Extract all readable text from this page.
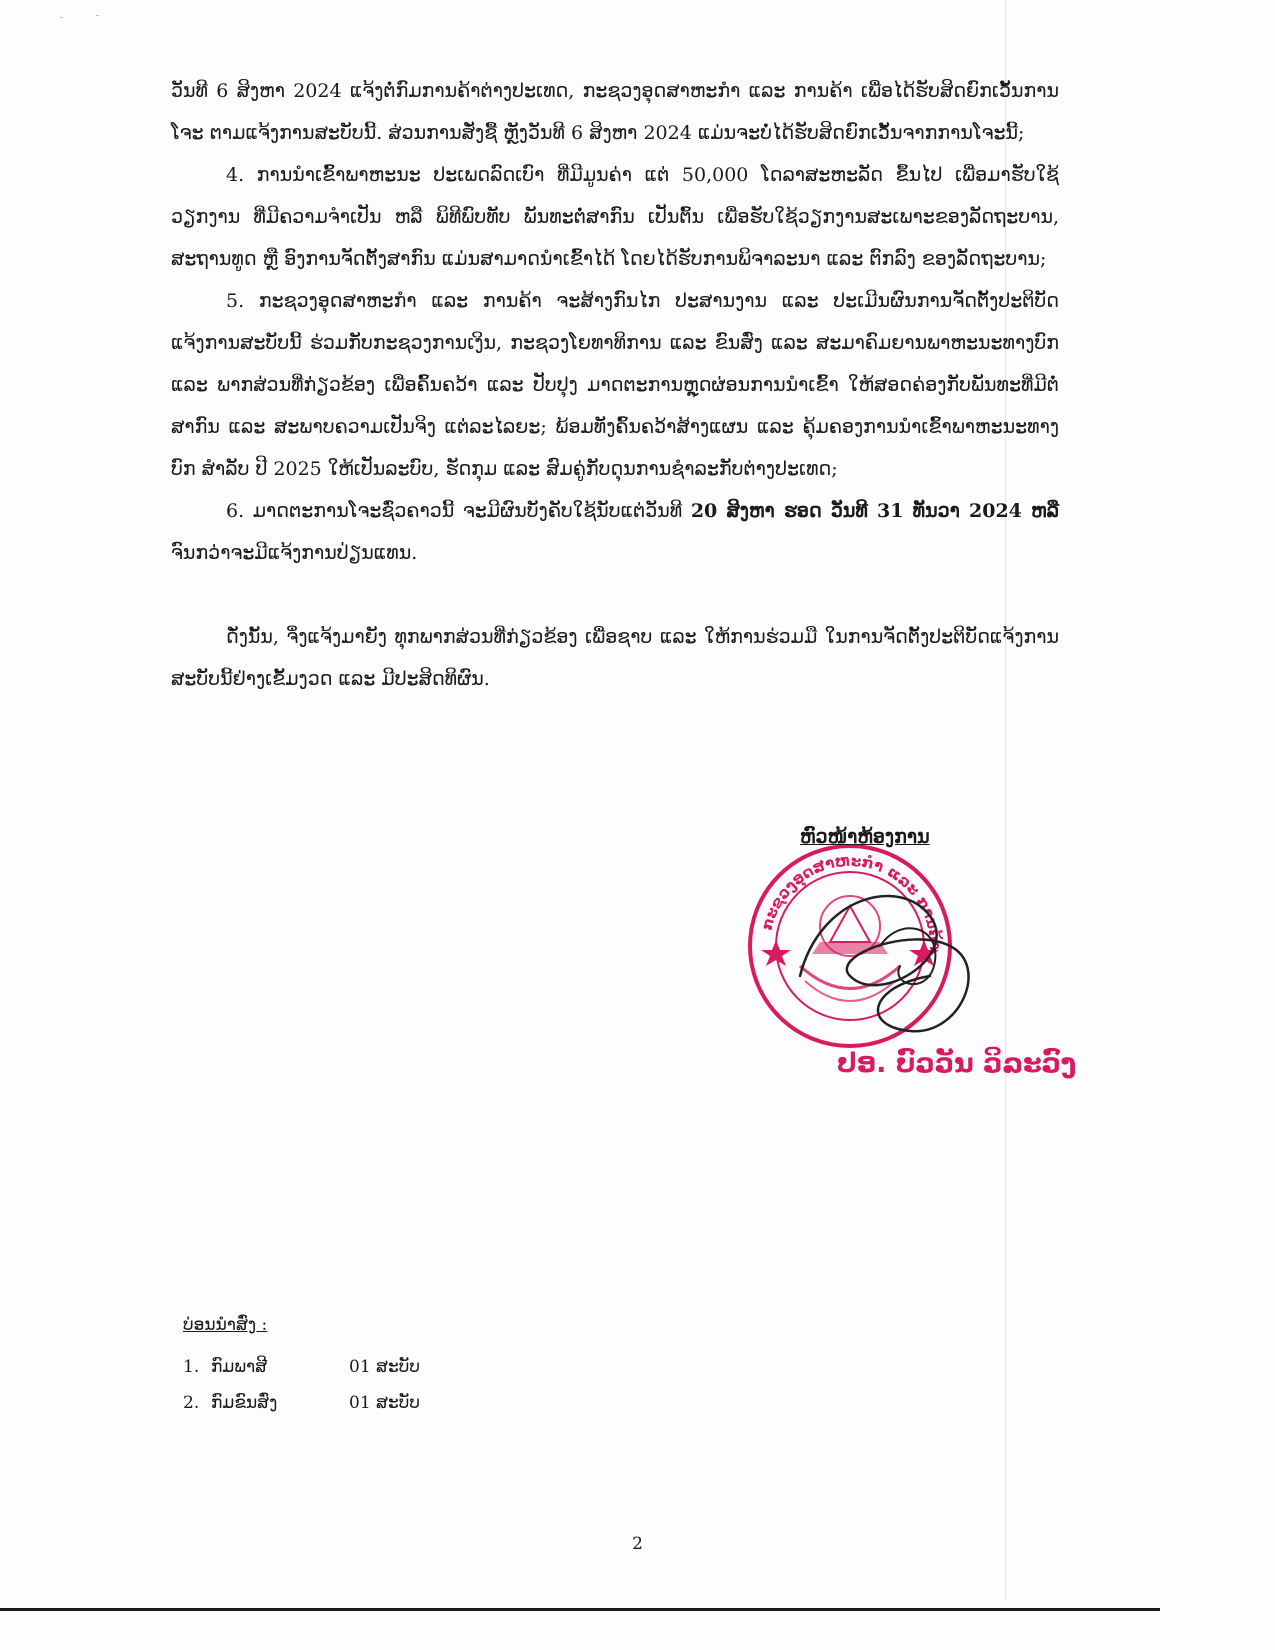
ວັນທີ 6 ສິງຫາ 2024 ແຈ້ງຕໍ່ກົມການຄ້າຕ່າງປະເທດ, ກະຊວງອຸດສາຫະກໍາ ແລະ ການຄ້າ ເພື່ອໄດ້ຮັບສິດຍົກເວັ້ນການໂຈະ ຕາມແຈ້ງການສະບັບນີ້. ສ່ວນການສັ່ງຊື້ ຫຼັງວັນທີ 6 ສິງຫາ 2024 ແມ່ນຈະບໍ່ໄດ້ຮັບສິດຍົກເວັ້ນຈາກການໂຈະນີ້;

4. ການນໍາເຂົ້າພາຫະນະ ປະເພດລົດເບົາ ທີ່ມີມູນຄ່າ ແຕ່ 50,000 ໂດລາສະຫະລັດ ຂຶ້ນໄປ ເພື່ອມາຮັບໃຊ້ວຽກງານ ທີ່ມີຄວາມຈໍາເປັນ ຫລື ພິທີພົບທັບ ພັນທະຕໍ່ສາກົນ ເປັນຕົ້ນ ເພື່ອຮັບໃຊ້ວຽກງານສະເພາະຂອງລັດຖະບານ, ສະຖານທູດ ຫຼື ອົງການຈັດຕັ້ງສາກົນ ແມ່ນສາມາດນໍາເຂົ້າໄດ້ ໂດຍໄດ້ຮັບການພິຈາລະນາ ແລະ ຕົກລົງ ຂອງລັດຖະບານ;

5. ກະຊວງອຸດສາຫະກໍາ ແລະ ການຄ້າ ຈະສ້າງກົນໄກ ປະສານງານ ແລະ ປະເມີນຜົນການຈັດຕັ້ງປະຕິບັດແຈ້ງການສະບັບນີ້ ຮ່ວມກັບກະຊວງການເງິນ, ກະຊວງໂຍທາທິການ ແລະ ຂົນສົ່ງ ແລະ ສະມາຄົມຍານພາຫະນະທາງບົກ ແລະ ພາກສ່ວນທີ່ກ່ຽວຂ້ອງ ເພື່ອຄົ້ນຄວ້າ ແລະ ປັບປຸງ ມາດຕະການຫຼຸດຜ່ອນການນໍາເຂົ້າ ໃຫ້ສອດຄ່ອງກັບພັນທະທີ່ມີຕໍ່ສາກົນ ແລະ ສະພາບຄວາມເປັນຈິງ ແຕ່ລະໄລຍະ; ພ້ອມທັງຄົ້ນຄວ້າສ້າງແຜນ ແລະ ຄຸ້ມຄອງການນໍາເຂົ້າພາຫະນະທາງບົກ ສໍາລັບ ປີ 2025 ໃຫ້ເປັນລະບົບ, ຮັດກຸມ ແລະ ສົມຄູ່ກັບດຸນການຊໍາລະກັບຕ່າງປະເທດ;

6. ມາດຕະການໂຈະຊົ່ວຄາວນີ້ ຈະມີຜົນບັງຄັບໃຊ້ນັບແຕ່ວັນທີ 20 ສິງຫາ ຮອດ ວັນທີ 31 ທັນວາ 2024 ຫລື ຈົນກວ່າຈະມີແຈ້ງການປ່ຽນແທນ.

ດັ່ງນັ້ນ, ຈຶ່ງແຈ້ງມາຍັງ ທຸກພາກສ່ວນທີ່ກ່ຽວຂ້ອງ ເພື່ອຊາບ ແລະ ໃຫ້ການຮ່ວມມື ໃນການຈັດຕັ້ງປະຕິບັດແຈ້ງການສະບັບນີ້ຢ່າງເຂັ້ມງວດ ແລະ ມີປະສິດທິຜົນ.

ກະຊວງອຸດສາຫະກໍາ ແລະ ການຄ້າ
ຫົວໜ້າຫ້ອງການ
ປອ. ບົວວັນ ວິລະວົງ
ບ່ອນນໍາສົ່ງ :
1. ກົມພາສີ	01 ສະບັບ
2. ກົມຂົນສົ່ງ	01 ສະບັບ
2
